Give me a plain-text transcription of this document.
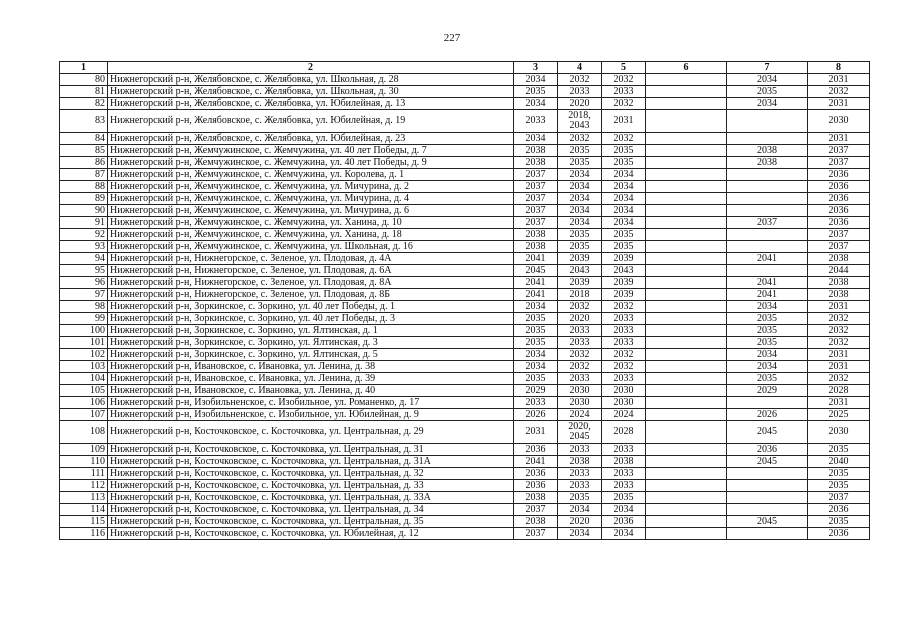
227
1	2	3	4	5	6	7	8
80	Нижнегорский р-н, Желябовское, с. Желябовка, ул. Школьная, д. 28	2034	2032	2032		2034	2031
81	Нижнегорский р-н, Желябовское, с. Желябовка, ул. Школьная, д. 30	2035	2033	2033		2035	2032
82	Нижнегорский р-н, Желябовское, с. Желябовка, ул. Юбилейная, д. 13	2034	2020	2032		2034	2031
83	Нижнегорский р-н, Желябовское, с. Желябовка, ул. Юбилейная, д. 19	2033	2018, 2043	2031			2030
84	Нижнегорский р-н, Желябовское, с. Желябовка, ул. Юбилейная, д. 23	2034	2032	2032			2031
85	Нижнегорский р-н, Жемчужинское, с. Жемчужина, ул. 40 лет Победы, д. 7	2038	2035	2035		2038	2037
86	Нижнегорский р-н, Жемчужинское, с. Жемчужина, ул. 40 лет Победы, д. 9	2038	2035	2035		2038	2037
87	Нижнегорский р-н, Жемчужинское, с. Жемчужина, ул. Королева, д. 1	2037	2034	2034			2036
88	Нижнегорский р-н, Жемчужинское, с. Жемчужина, ул. Мичурина, д. 2	2037	2034	2034			2036
89	Нижнегорский р-н, Жемчужинское, с. Жемчужина, ул. Мичурина, д. 4	2037	2034	2034			2036
90	Нижнегорский р-н, Жемчужинское, с. Жемчужина, ул. Мичурина, д. 6	2037	2034	2034			2036
91	Нижнегорский р-н, Жемчужинское, с. Жемчужина, ул. Ханина, д. 10	2037	2034	2034		2037	2036
92	Нижнегорский р-н, Жемчужинское, с. Жемчужина, ул. Ханина, д. 18	2038	2035	2035			2037
93	Нижнегорский р-н, Жемчужинское, с. Жемчужина, ул. Школьная, д. 16	2038	2035	2035			2037
94	Нижнегорский р-н, Нижнегорское, с. Зеленое, ул. Плодовая, д. 4А	2041	2039	2039		2041	2038
95	Нижнегорский р-н, Нижнегорское, с. Зеленое, ул. Плодовая, д. 6А	2045	2043	2043			2044
96	Нижнегорский р-н, Нижнегорское, с. Зеленое, ул. Плодовая, д. 8А	2041	2039	2039		2041	2038
97	Нижнегорский р-н, Нижнегорское, с. Зеленое, ул. Плодовая, д. 8Б	2041	2018	2039		2041	2038
98	Нижнегорский р-н, Зоркинское, с. Зоркино, ул. 40 лет Победы, д. 1	2034	2032	2032		2034	2031
99	Нижнегорский р-н, Зоркинское, с. Зоркино, ул. 40 лет Победы, д. 3	2035	2020	2033		2035	2032
100	Нижнегорский р-н, Зоркинское, с. Зоркино, ул. Ялтинская, д. 1	2035	2033	2033		2035	2032
101	Нижнегорский р-н, Зоркинское, с. Зоркино, ул. Ялтинская, д. 3	2035	2033	2033		2035	2032
102	Нижнегорский р-н, Зоркинское, с. Зоркино, ул. Ялтинская, д. 5	2034	2032	2032		2034	2031
103	Нижнегорский р-н, Ивановское, с. Ивановка, ул. Ленина, д. 38	2034	2032	2032		2034	2031
104	Нижнегорский р-н, Ивановское, с. Ивановка, ул. Ленина, д. 39	2035	2033	2033		2035	2032
105	Нижнегорский р-н, Ивановское, с. Ивановка, ул. Ленина, д. 40	2029	2030	2030		2029	2028
106	Нижнегорский р-н, Изобильненское, с. Изобильное, ул. Романенко, д. 17	2033	2030	2030			2031
107	Нижнегорский р-н, Изобильненское, с. Изобильное, ул. Юбилейная, д. 9	2026	2024	2024		2026	2025
108	Нижнегорский р-н, Косточковское, с. Косточковка, ул. Центральная, д. 29	2031	2020, 2045	2028		2045	2030
109	Нижнегорский р-н, Косточковское, с. Косточковка, ул. Центральная, д. 31	2036	2033	2033		2036	2035
110	Нижнегорский р-н, Косточковское, с. Косточковка, ул. Центральная, д. 31А	2041	2038	2038		2045	2040
111	Нижнегорский р-н, Косточковское, с. Косточковка, ул. Центральная, д. 32	2036	2033	2033			2035
112	Нижнегорский р-н, Косточковское, с. Косточковка, ул. Центральная, д. 33	2036	2033	2033			2035
113	Нижнегорский р-н, Косточковское, с. Косточковка, ул. Центральная, д. 33А	2038	2035	2035			2037
114	Нижнегорский р-н, Косточковское, с. Косточковка, ул. Центральная, д. 34	2037	2034	2034			2036
115	Нижнегорский р-н, Косточковское, с. Косточковка, ул. Центральная, д. 35	2038	2020	2036		2045	2035
116	Нижнегорский р-н, Косточковское, с. Косточковка, ул. Юбилейная, д. 12	2037	2034	2034			2036
